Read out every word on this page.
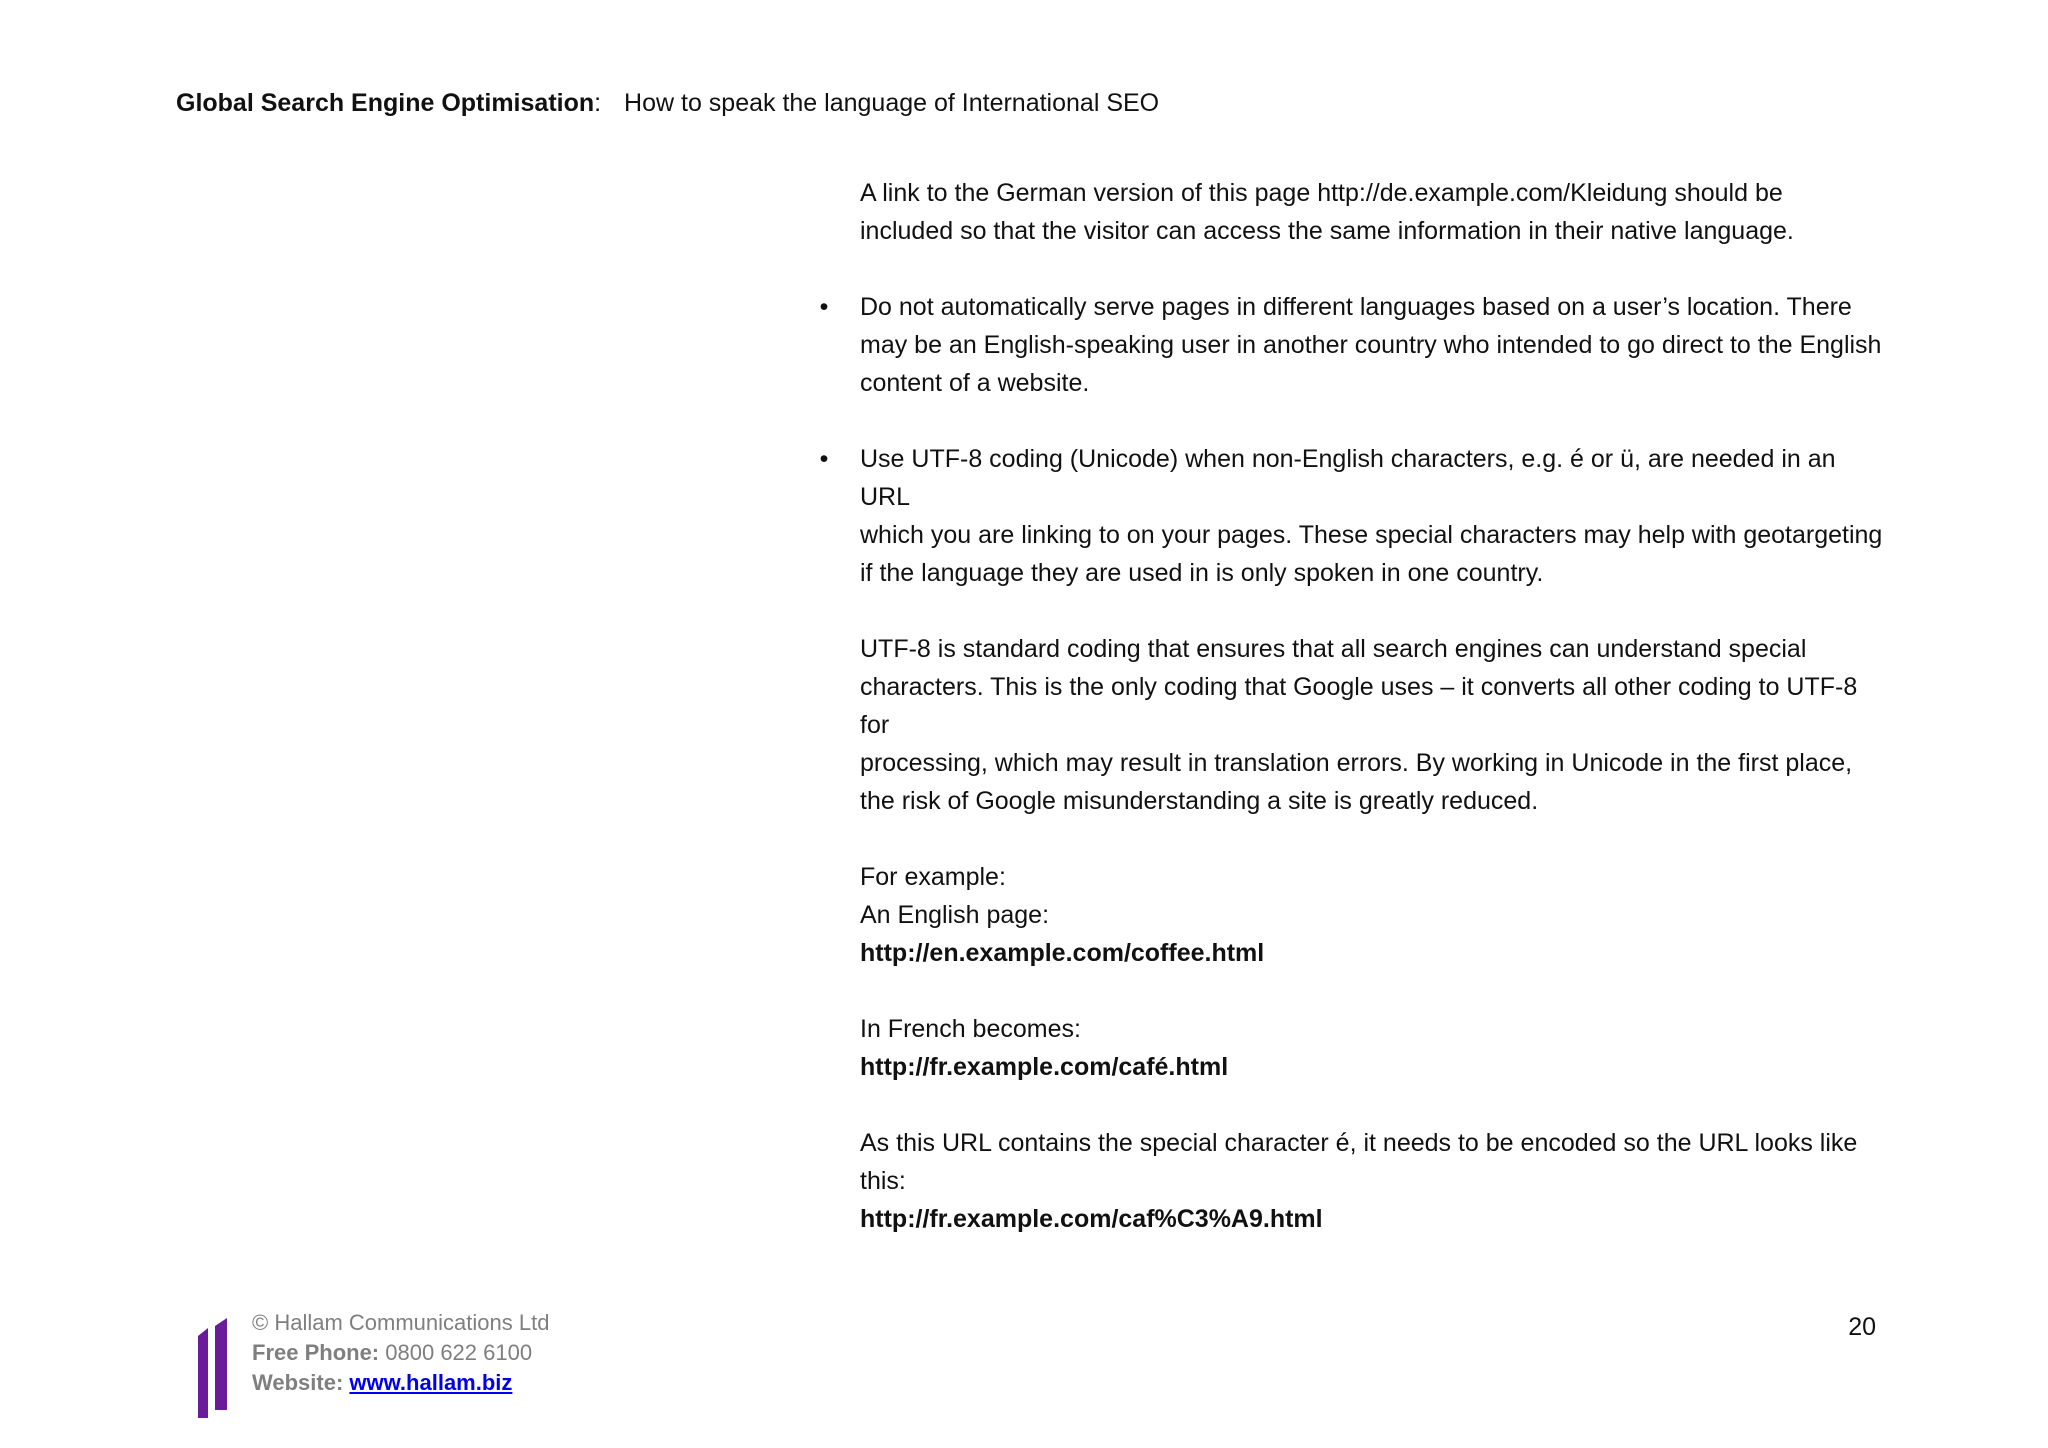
Global Search Engine Optimisation: How to speak the language of International SEO

A link to the German version of this page http://de.example.com/Kleidung should be
included so that the visitor can access the same information in their native language.

• Do not automatically serve pages in different languages based on a user’s location. There
may be an English-speaking user in another country who intended to go direct to the English
content of a website.
• Use UTF-8 coding (Unicode) when non-English characters, e.g. é or ü, are needed in an URL
which you are linking to on your pages. These special characters may help with geotargeting
if the language they are used in is only spoken in one country.

UTF-8 is standard coding that ensures that all search engines can understand special
characters. This is the only coding that Google uses – it converts all other coding to UTF-8 for
processing, which may result in translation errors. By working in Unicode in the first place,
the risk of Google misunderstanding a site is greatly reduced.

For example:

An English page:

http://en.example.com/coffee.html

In French becomes:

http://fr.example.com/café.html

As this URL contains the special character é, it needs to be encoded so the URL looks like this:

http://fr.example.com/caf%C3%A9.html

© Hallam Communications Ltd
Free Phone: 0800 622 6100
Website: www.hallam.biz
20
